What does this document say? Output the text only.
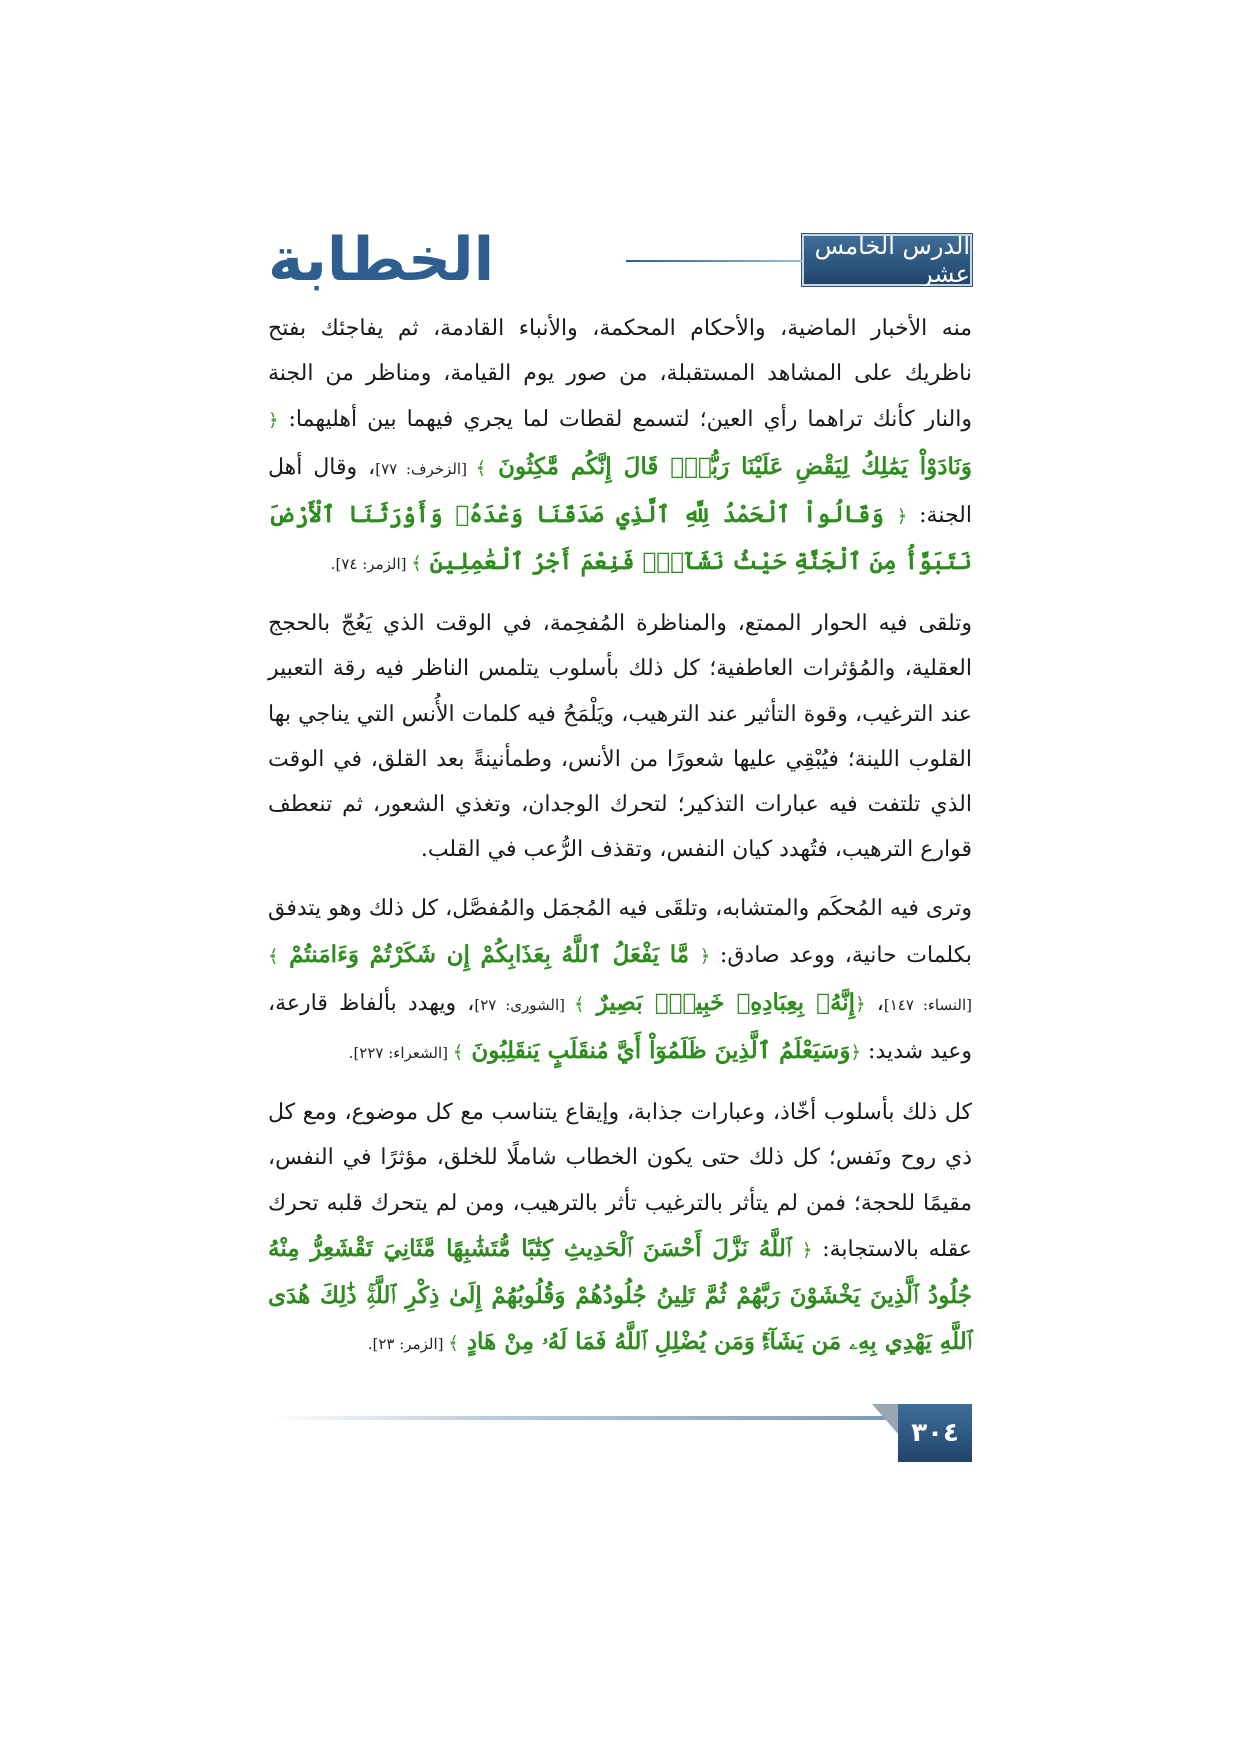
الدرس الخامس عشر
الخطابة

منه الأخبار الماضية، والأحكام المحكمة، والأنباء القادمة، ثم يفاجئك بفتح ناظريك على المشاهد المستقبلة، من صور يوم القيامة، ومناظر من الجنة والنار كأنك تراهما رأي العين؛ لتسمع لقطات لما يجري فيهما بين أهليهما: ﴿ وَنَادَوْاْ يَمَٰلِكُ لِيَقْضِ عَلَيْنَا رَبُّكَۖ قَالَ إِنَّكُم مَّٰكِثُونَ ﴾ [الزخرف: ٧٧]، وقال أهل الجنة: ﴿ وَقَالُواْ ٱلْحَمْدُ لِلَّهِ ٱلَّذِي صَدَقَنَا وَعْدَهُۥ وَأَوْرَثَنَا ٱلْأَرْضَ نَتَبَوَّأُ مِنَ ٱلْجَنَّةِ حَيْثُ نَشَآءُۖ فَنِعْمَ أَجْرُ ٱلْعَٰمِلِينَ ﴾ [الزمر: ٧٤].

وتلقى فيه الحوار الممتع، والمناظرة المُفحِمة، في الوقت الذي يَعُجّ بالحجج العقلية، والمُؤثرات العاطفية؛ كل ذلك بأسلوب يتلمس الناظر فيه رقة التعبير عند الترغيب، وقوة التأثير عند الترهيب، ويَلْمَحُ فيه كلمات الأُنس التي يناجي بها القلوب اللينة؛ فيُبْقِي عليها شعورًا من الأنس، وطمأنينةً بعد القلق، في الوقت الذي تلتفت فيه عبارات التذكير؛ لتحرك الوجدان، وتغذي الشعور، ثم تنعطف قوارع الترهيب، فتُهدد كيان النفس، وتقذف الرُّعب في القلب.

وترى فيه المُحكَم والمتشابه، وتلقَى فيه المُجمَل والمُفصَّل، كل ذلك وهو يتدفق بكلمات حانية، ووعد صادق: ﴿ مَّا يَفْعَلُ ٱللَّهُ بِعَذَابِكُمْ إِن شَكَرْتُمْ وَءَامَنتُمْ ﴾ [النساء: ١٤٧]، ﴿إِنَّهُۥ بِعِبَادِهِۦ خَبِيرٌۢ بَصِيرٌ ﴾ [الشورى: ٢٧]، ويهدد بألفاظ قارعة، وعيد شديد: ﴿وَسَيَعْلَمُ ٱلَّذِينَ ظَلَمُوٓاْ أَيَّ مُنقَلَبٍ يَنقَلِبُونَ ﴾ [الشعراء: ٢٢٧].

كل ذلك بأسلوب أخّاذ، وعبارات جذابة، وإيقاع يتناسب مع كل موضوع، ومع كل ذي روح ونَفس؛ كل ذلك حتى يكون الخطاب شاملًا للخلق، مؤثرًا في النفس، مقيمًا للحجة؛ فمن لم يتأثر بالترغيب تأثر بالترهيب، ومن لم يتحرك قلبه تحرك عقله بالاستجابة: ﴿ ٱللَّهُ نَزَّلَ أَحْسَنَ ٱلْحَدِيثِ كِتَٰبًا مُّتَشَٰبِهًا مَّثَانِيَ تَقْشَعِرُّ مِنْهُ جُلُودُ ٱلَّذِينَ يَخْشَوْنَ رَبَّهُمْ ثُمَّ تَلِينُ جُلُودُهُمْ وَقُلُوبُهُمْ إِلَىٰ ذِكْرِ ٱللَّهِۚ ذَٰلِكَ هُدَى ٱللَّهِ يَهْدِي بِهِۦ مَن يَشَآءُۚ وَمَن يُضْلِلِ ٱللَّهُ فَمَا لَهُۥ مِنْ هَادٍ ﴾ [الزمر: ٢٣].

٣٠٤
